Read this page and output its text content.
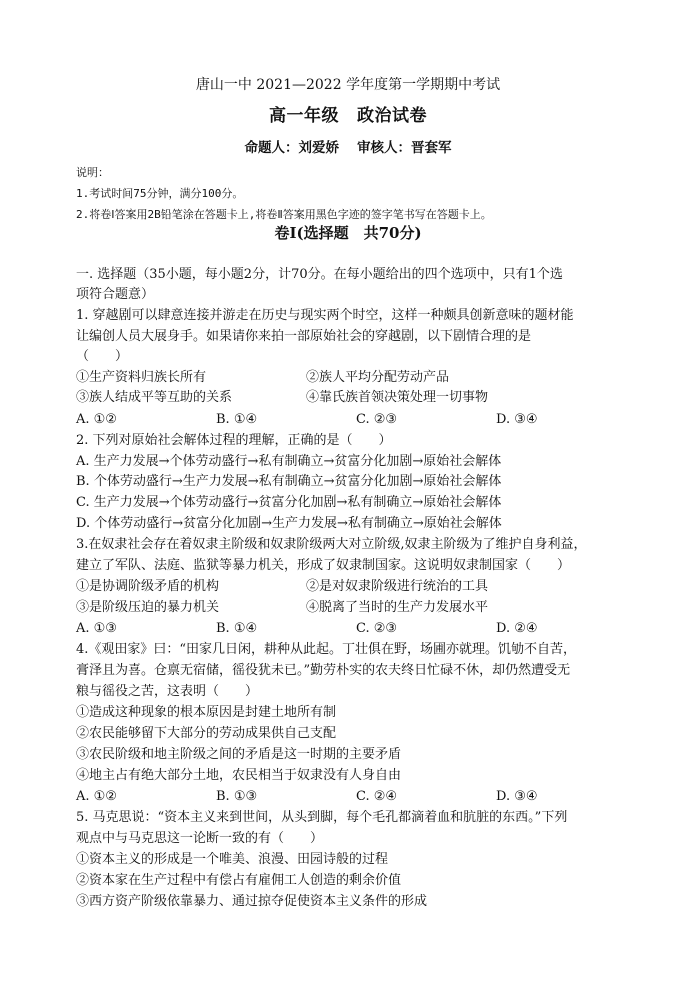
唐山一中 2021—2022 学年度第一学期期中考试
高一年级 政治试卷
命题人：刘爱娇 审核人：晋套军
说明：
1.考试时间75分钟，满分100分。
2.将卷Ⅰ答案用2B铅笔涂在答题卡上,将卷Ⅱ答案用黑色字迹的签字笔书写在答题卡上。
卷Ⅰ(选择题　共70分)
一. 选择题（35小题，每小题2分，计70分。在每小题给出的四个选项中，只有1个选
项符合题意）
1. 穿越剧可以肆意连接并游走在历史与现实两个时空，这样一种颇具创新意味的题材能
让编创人员大展身手。如果请你来拍一部原始社会的穿越剧，以下剧情合理的是
（　　）
①生产资料归族长所有	②族人平均分配劳动产品
③族人结成平等互助的关系	④靠氏族首领决策处理一切事物
A. ①②	B. ①④	C. ②③	D. ③④
2. 下列对原始社会解体过程的理解，正确的是（　　）
A. 生产力发展→个体劳动盛行→私有制确立→贫富分化加剧→原始社会解体
B. 个体劳动盛行→生产力发展→私有制确立→贫富分化加剧→原始社会解体
C. 生产力发展→个体劳动盛行→贫富分化加剧→私有制确立→原始社会解体
D. 个体劳动盛行→贫富分化加剧→生产力发展→私有制确立→原始社会解体
3.在奴隶社会存在着奴隶主阶级和奴隶阶级两大对立阶级,奴隶主阶级为了维护自身利益，
建立了军队、法庭、监狱等暴力机关，形成了奴隶制国家。这说明奴隶制国家（　　）
①是协调阶级矛盾的机构	②是对奴隶阶级进行统治的工具
③是阶级压迫的暴力机关	④脱离了当时的生产力发展水平
A. ①③	B. ①④	C. ②③	D. ②④
4.《观田家》曰：“田家几日闲，耕种从此起。丁壮俱在野，场圃亦就理。饥劬不自苦，
膏泽且为喜。仓禀无宿储，徭役犹未已。”勤劳朴实的农夫终日忙碌不休，却仍然遭受无
粮与徭役之苦，这表明（　　）
①造成这种现象的根本原因是封建土地所有制
②农民能够留下大部分的劳动成果供自己支配
③农民阶级和地主阶级之间的矛盾是这一时期的主要矛盾
④地主占有绝大部分土地，农民相当于奴隶没有人身自由
A. ①②	B. ①③	C. ②④	D. ③④
5. 马克思说：“资本主义来到世间，从头到脚，每个毛孔都滴着血和肮脏的东西。”下列
观点中与马克思这一论断一致的有（　　）
①资本主义的形成是一个唯美、浪漫、田园诗般的过程
②资本家在生产过程中有偿占有雇佣工人创造的剩余价值
③西方资产阶级依靠暴力、通过掠夺促使资本主义条件的形成
